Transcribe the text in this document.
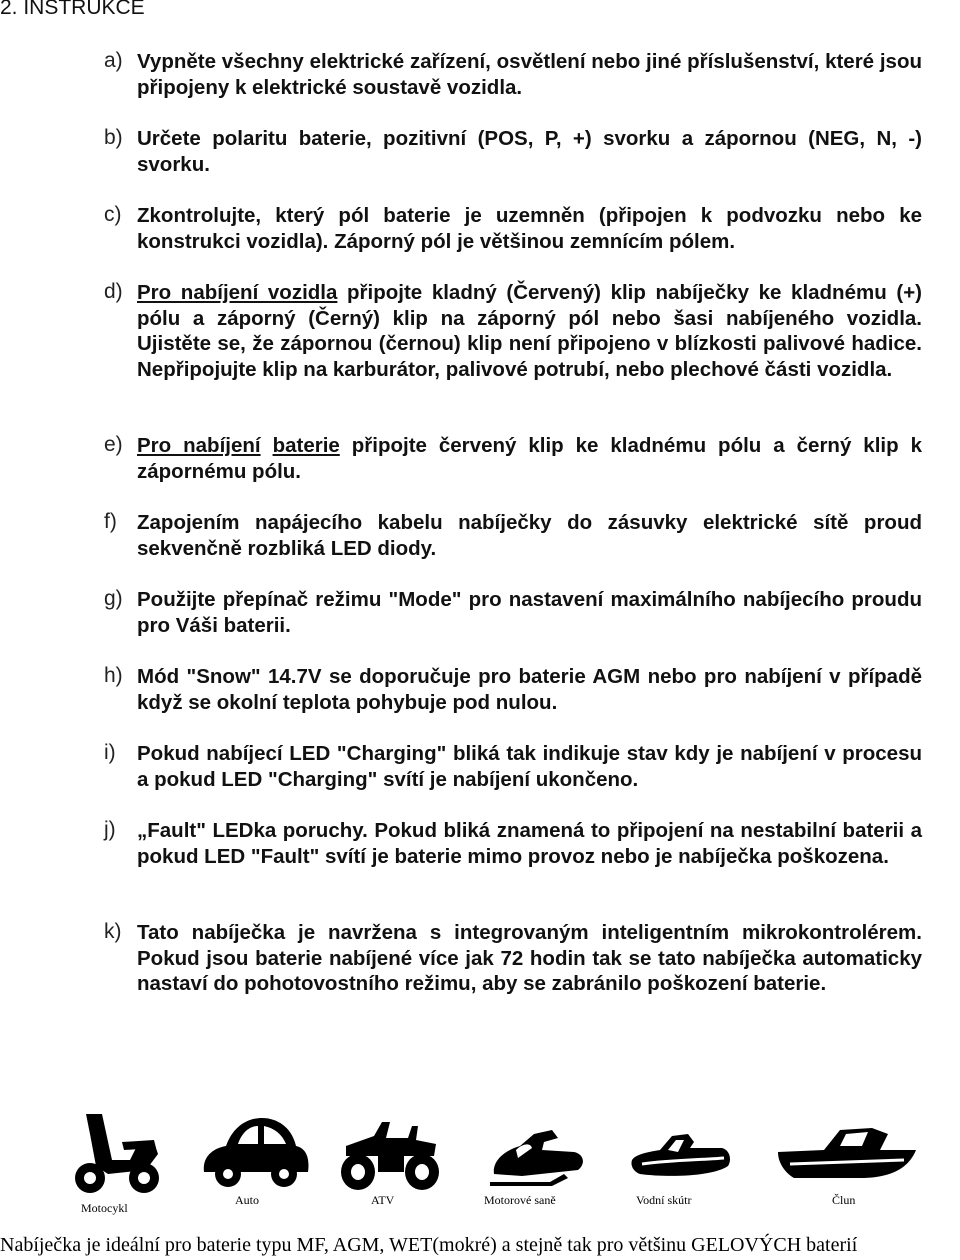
2. INSTRUKCE
a) Vypněte všechny elektrické zařízení, osvětlení nebo jiné příslušenství, které jsou připojeny k elektrické soustavě vozidla.
b) Určete polaritu baterie, pozitivní (POS, P, +) svorku a zápornou (NEG, N, -) svorku.
c) Zkontrolujte, který pól baterie je uzemněn (připojen k podvozku nebo ke konstrukci vozidla). Záporný pól je většinou zemnícím pólem.
d) Pro nabíjení vozidla připojte kladný (Červený) klip nabíječky ke kladnému (+) pólu a záporný (Černý) klip na záporný pól nebo šasi nabíjeného vozidla. Ujistěte se, že zápornou (černou) klip není připojeno v blízkosti palivové hadice. Nepřipojujte klip na karburátor, palivové potrubí, nebo plechové části vozidla.
e) Pro nabíjení baterie připojte červený klip ke kladnému pólu a černý klip k zápornému pólu.
f) Zapojením napájecího kabelu nabíječky do zásuvky elektrické sítě proud sekvenčně rozbliká LED diody.
g) Použijte přepínač režimu "Mode" pro nastavení maximálního nabíjecího proudu pro Váši baterii.
h) Mód "Snow" 14.7V se doporučuje pro baterie AGM nebo pro nabíjení v případě když se okolní teplota pohybuje pod nulou.
i) Pokud nabíjecí LED "Charging" bliká tak indikuje stav kdy je nabíjení v procesu a pokud LED "Charging" svítí je nabíjení ukončeno.
j) „Fault" LEDka poruchy. Pokud bliká znamená to připojení na nestabilní baterii a pokud LED "Fault" svítí je baterie mimo provoz nebo je nabíječka poškozena.
k) Tato nabíječka je navržena s integrovaným inteligentním mikrokontrolérem. Pokud jsou baterie nabíjené více jak 72 hodin tak se tato nabíječka automaticky nastaví do pohotovostního režimu, aby se zabránilo poškození baterie.
Motocykl
Auto	ATV	Motorové saně	Vodní skútr	Člun
Nabíječka je ideální pro baterie typu MF, AGM, WET(mokré) a stejně tak pro většinu GELOVÝCH baterií
